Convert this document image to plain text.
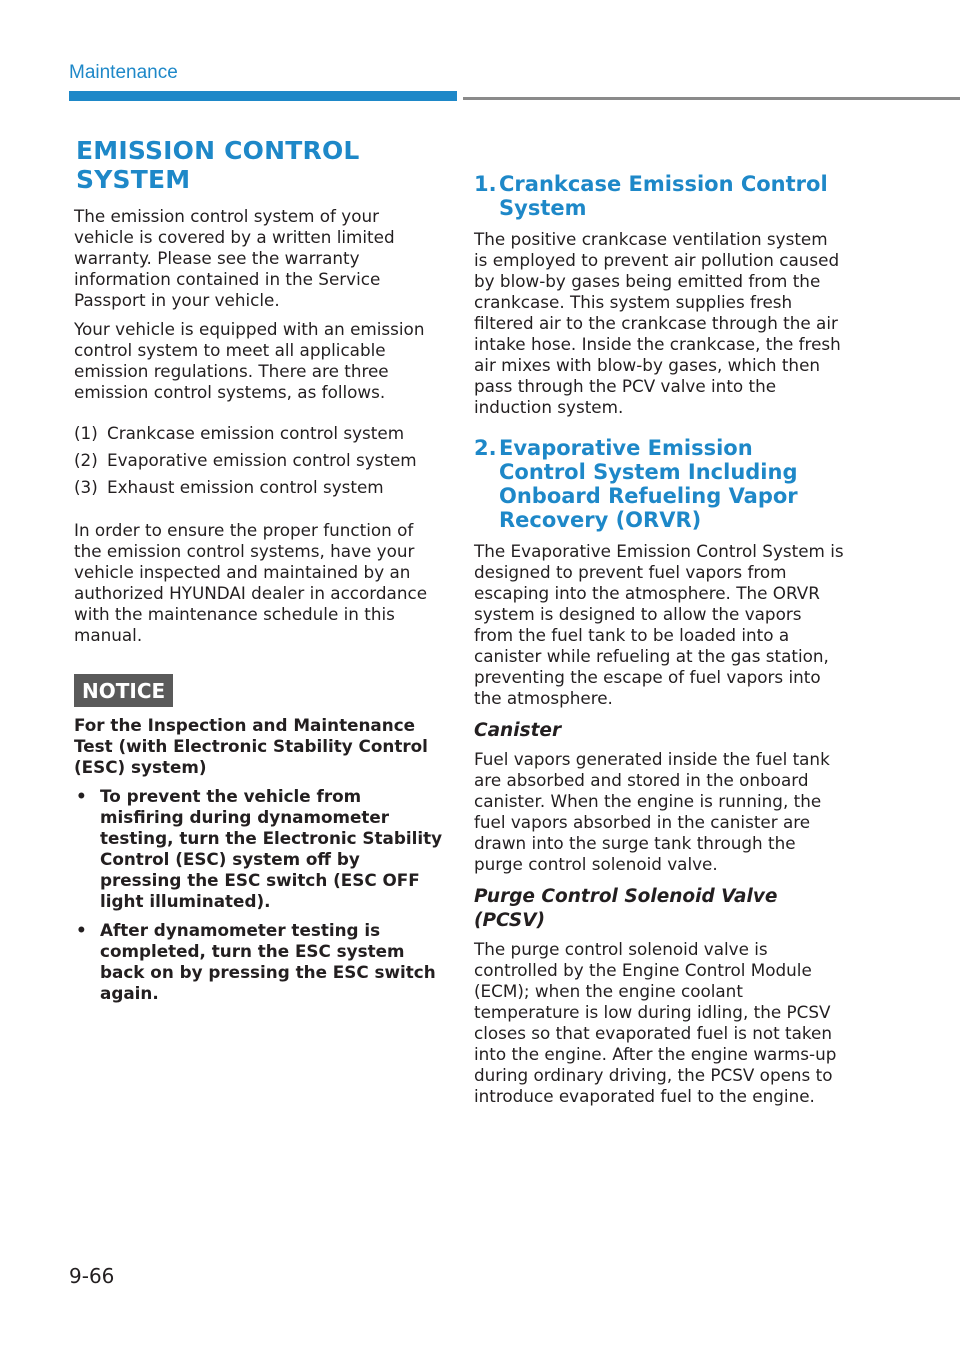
Maintenance
EMISSION CONTROL SYSTEM

The emission control system of your vehicle is covered by a written limited warranty. Please see the warranty information contained in the Service Passport in your vehicle.

Your vehicle is equipped with an emission control system to meet all applicable emission regulations. There are three emission control systems, as follows.

(1) Crankcase emission control system
(2) Evaporative emission control system
(3) Exhaust emission control system

In order to ensure the proper function of the emission control systems, have your vehicle inspected and maintained by an authorized HYUNDAI dealer in accordance with the maintenance schedule in this manual.

NOTICE

For the Inspection and Maintenance Test (with Electronic Stability Control (ESC) system)

• To prevent the vehicle from misfiring during dynamometer testing, turn the Electronic Stability Control (ESC) system off by pressing the ESC switch (ESC OFF light illuminated).
• After dynamometer testing is completed, turn the ESC system back on by pressing the ESC switch again.
1. Crankcase Emission Control System

The positive crankcase ventilation system is employed to prevent air pollution caused by blow-by gases being emitted from the crankcase. This system supplies fresh filtered air to the crankcase through the air intake hose. Inside the crankcase, the fresh air mixes with blow-by gases, which then pass through the PCV valve into the induction system.

2. Evaporative Emission Control System Including Onboard Refueling Vapor Recovery (ORVR)

The Evaporative Emission Control System is designed to prevent fuel vapors from escaping into the atmosphere. The ORVR system is designed to allow the vapors from the fuel tank to be loaded into a canister while refueling at the gas station, preventing the escape of fuel vapors into the atmosphere.

Canister

Fuel vapors generated inside the fuel tank are absorbed and stored in the onboard canister. When the engine is running, the fuel vapors absorbed in the canister are drawn into the surge tank through the purge control solenoid valve.

Purge Control Solenoid Valve (PCSV)

The purge control solenoid valve is controlled by the Engine Control Module (ECM); when the engine coolant temperature is low during idling, the PCSV closes so that evaporated fuel is not taken into the engine. After the engine warms-up during ordinary driving, the PCSV opens to introduce evaporated fuel to the engine.

9-66
